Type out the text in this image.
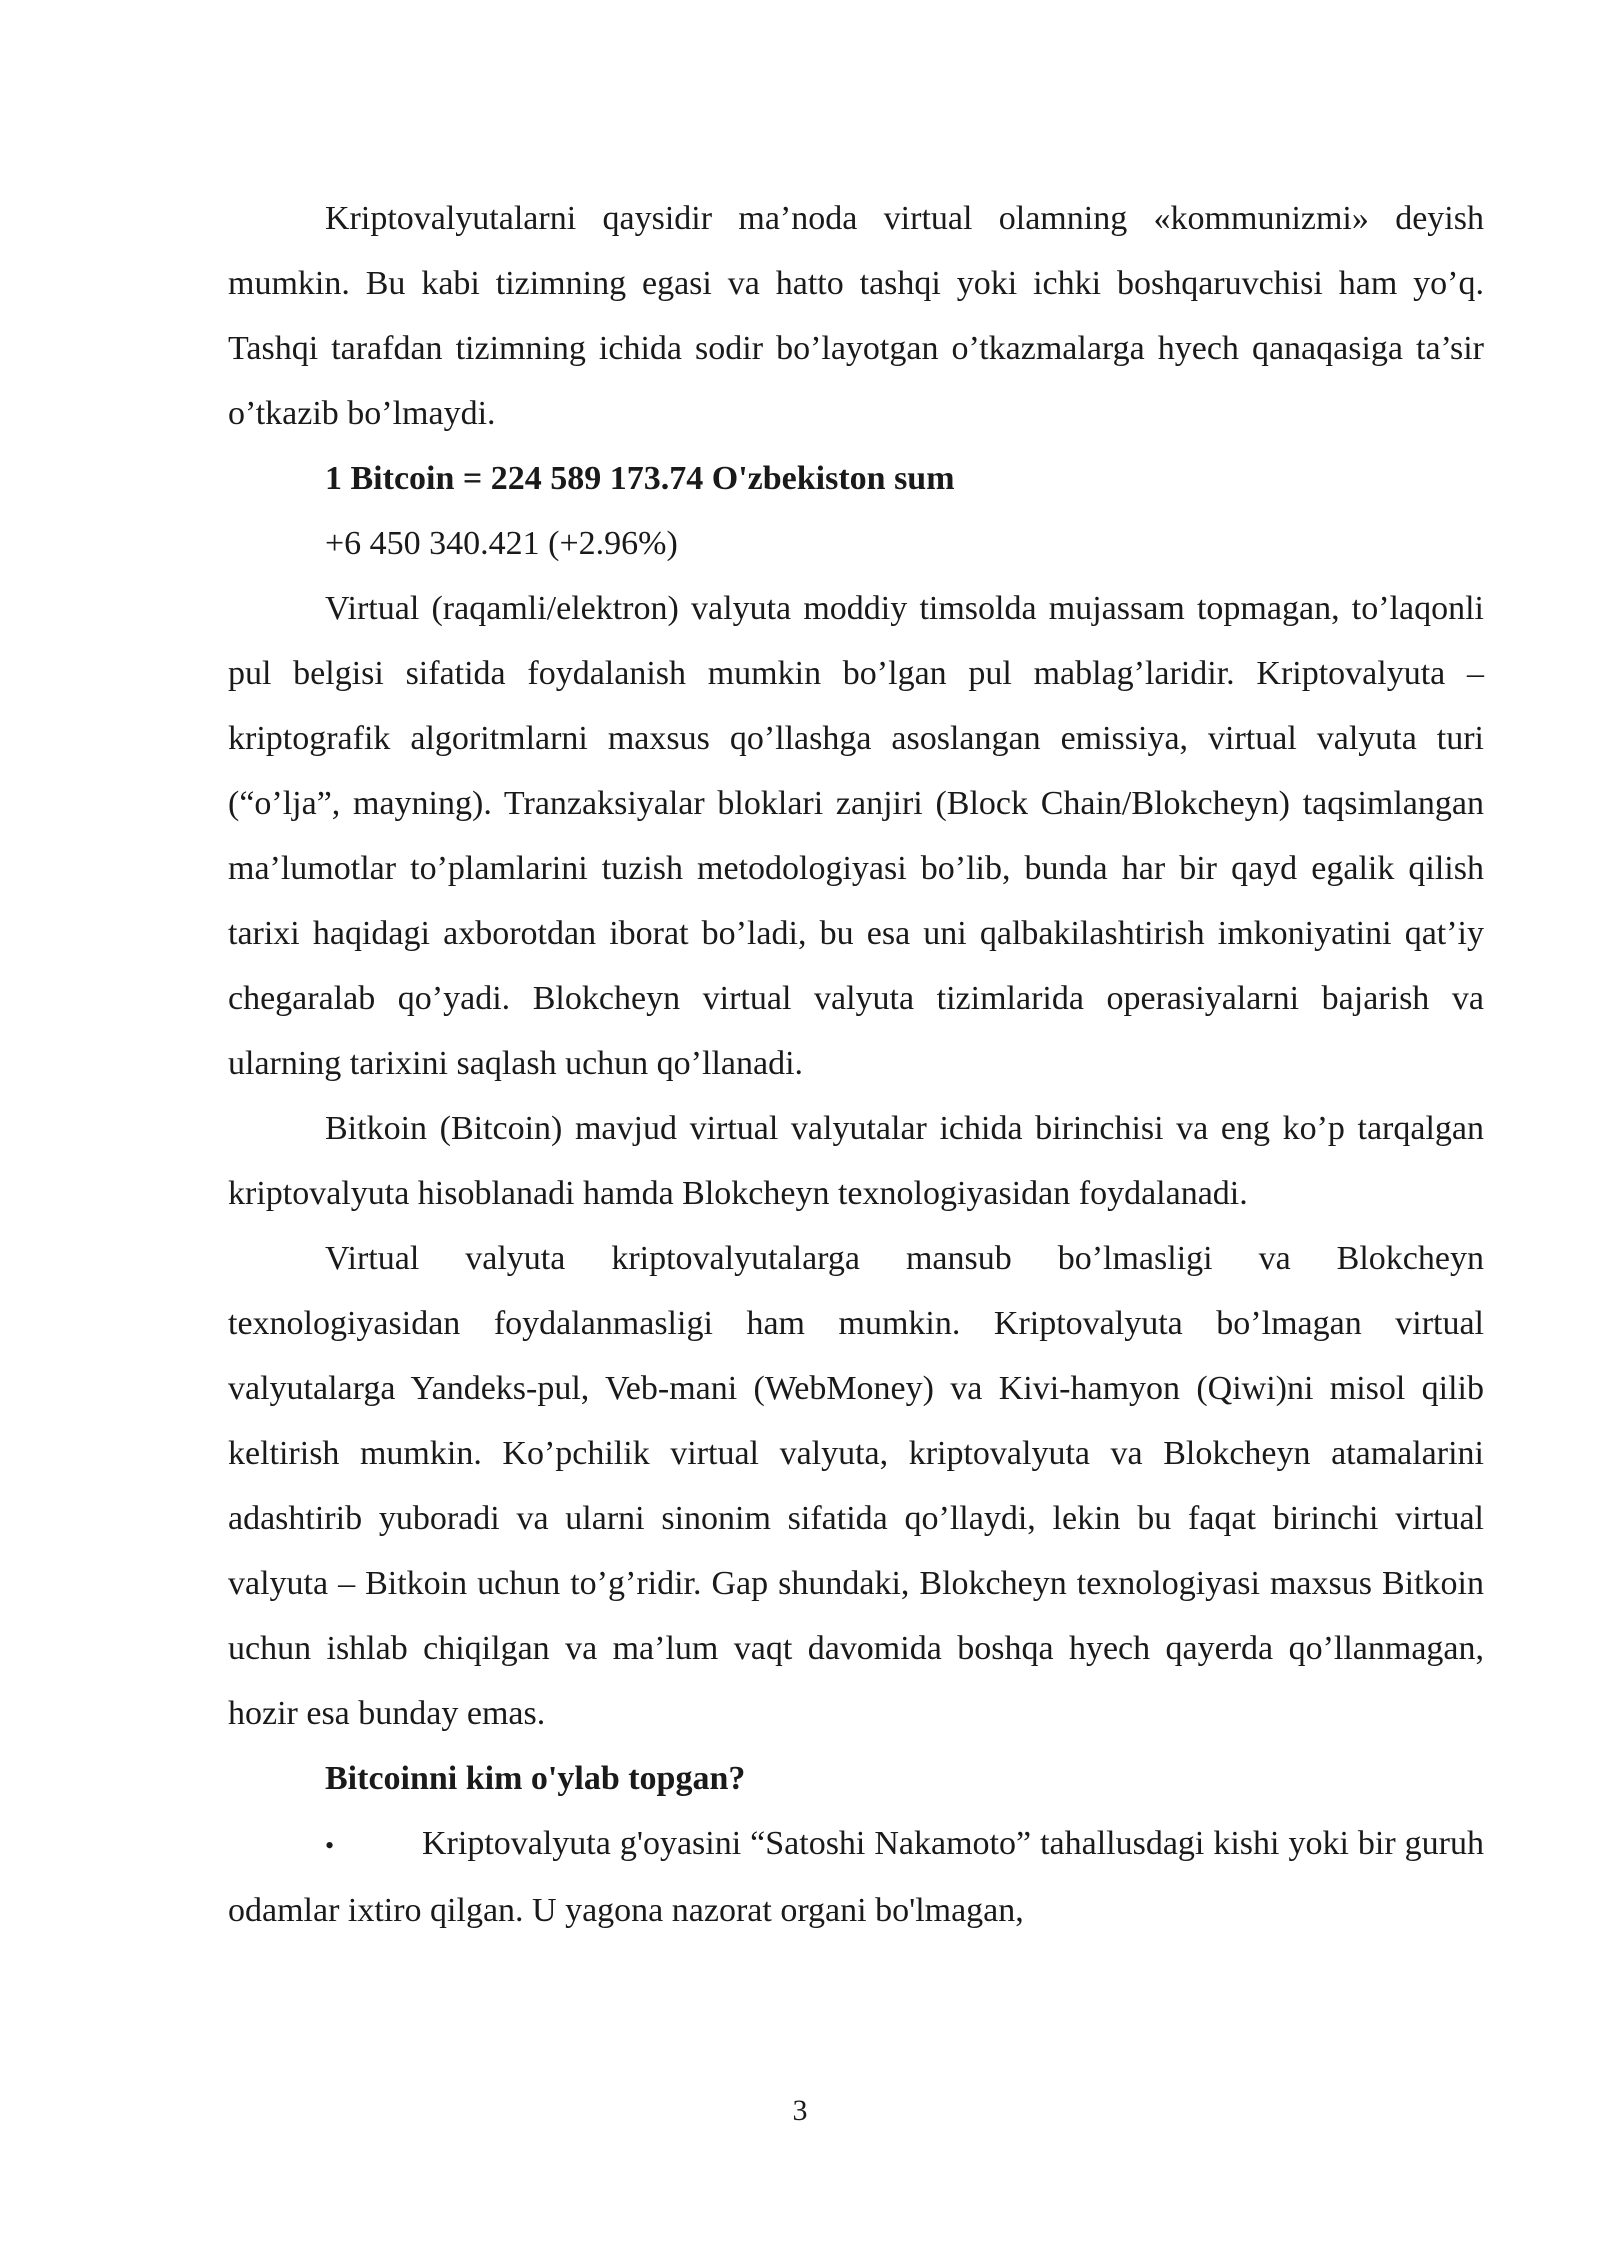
Kriptovalyutalarni qaysidir ma’noda virtual olamning «kommunizmi» deyish mumkin. Bu kabi tizimning egasi va hatto tashqi yoki ichki boshqaruvchisi ham yo’q. Tashqi tarafdan tizimning ichida sodir bo’layotgan o’tkazmalarga hyech qanaqasiga ta’sir o’tkazib bo’lmaydi.

1 Bitcoin = 224 589 173.74 O'zbekiston sum

+6 450 340.421 (+2.96%)

Virtual (raqamli/elektron) valyuta moddiy timsolda mujassam topmagan, to’laqonli pul belgisi sifatida foydalanish mumkin bo’lgan pul mablag’laridir. Kriptovalyuta – kriptografik algoritmlarni maxsus qo’llashga asoslangan emissiya, virtual valyuta turi (“o’lja”, mayning). Tranzaksiyalar bloklari zanjiri (Block Chain/Blokcheyn) taqsimlangan ma’lumotlar to’plamlarini tuzish metodologiyasi bo’lib, bunda har bir qayd egalik qilish tarixi haqidagi axborotdan iborat bo’ladi, bu esa uni qalbakilashtirish imkoniyatini qat’iy chegaralab qo’yadi. Blokcheyn virtual valyuta tizimlarida operasiyalarni bajarish va ularning tarixini saqlash uchun qo’llanadi.

Bitkoin (Bitcoin) mavjud virtual valyutalar ichida birinchisi va eng ko’p tarqalgan kriptovalyuta hisoblanadi hamda Blokcheyn texnologiyasidan foydalanadi.

Virtual valyuta kriptovalyutalarga mansub bo’lmasligi va Blokcheyn texnologiyasidan foydalanmasligi ham mumkin. Kriptovalyuta bo’lmagan virtual valyutalarga Yandeks-pul, Veb-mani (WebMoney) va Kivi-hamyon (Qiwi)ni misol qilib keltirish mumkin. Ko’pchilik virtual valyuta, kriptovalyuta va Blokcheyn atamalarini adashtirib yuboradi va ularni sinonim sifatida qo’llaydi, lekin bu faqat birinchi virtual valyuta – Bitkoin uchun to’g’ridir. Gap shundaki, Blokcheyn texnologiyasi maxsus Bitkoin uchun ishlab chiqilgan va ma’lum vaqt davomida boshqa hyech qayerda qo’llanmagan, hozir esa bunday emas.

Bitcoinni kim o'ylab topgan?

•	Kriptovalyuta g'oyasini “Satoshi Nakamoto” tahallusdagi kishi yoki bir guruh odamlar ixtiro qilgan. U yagona nazorat organi bo'lmagan,

3
